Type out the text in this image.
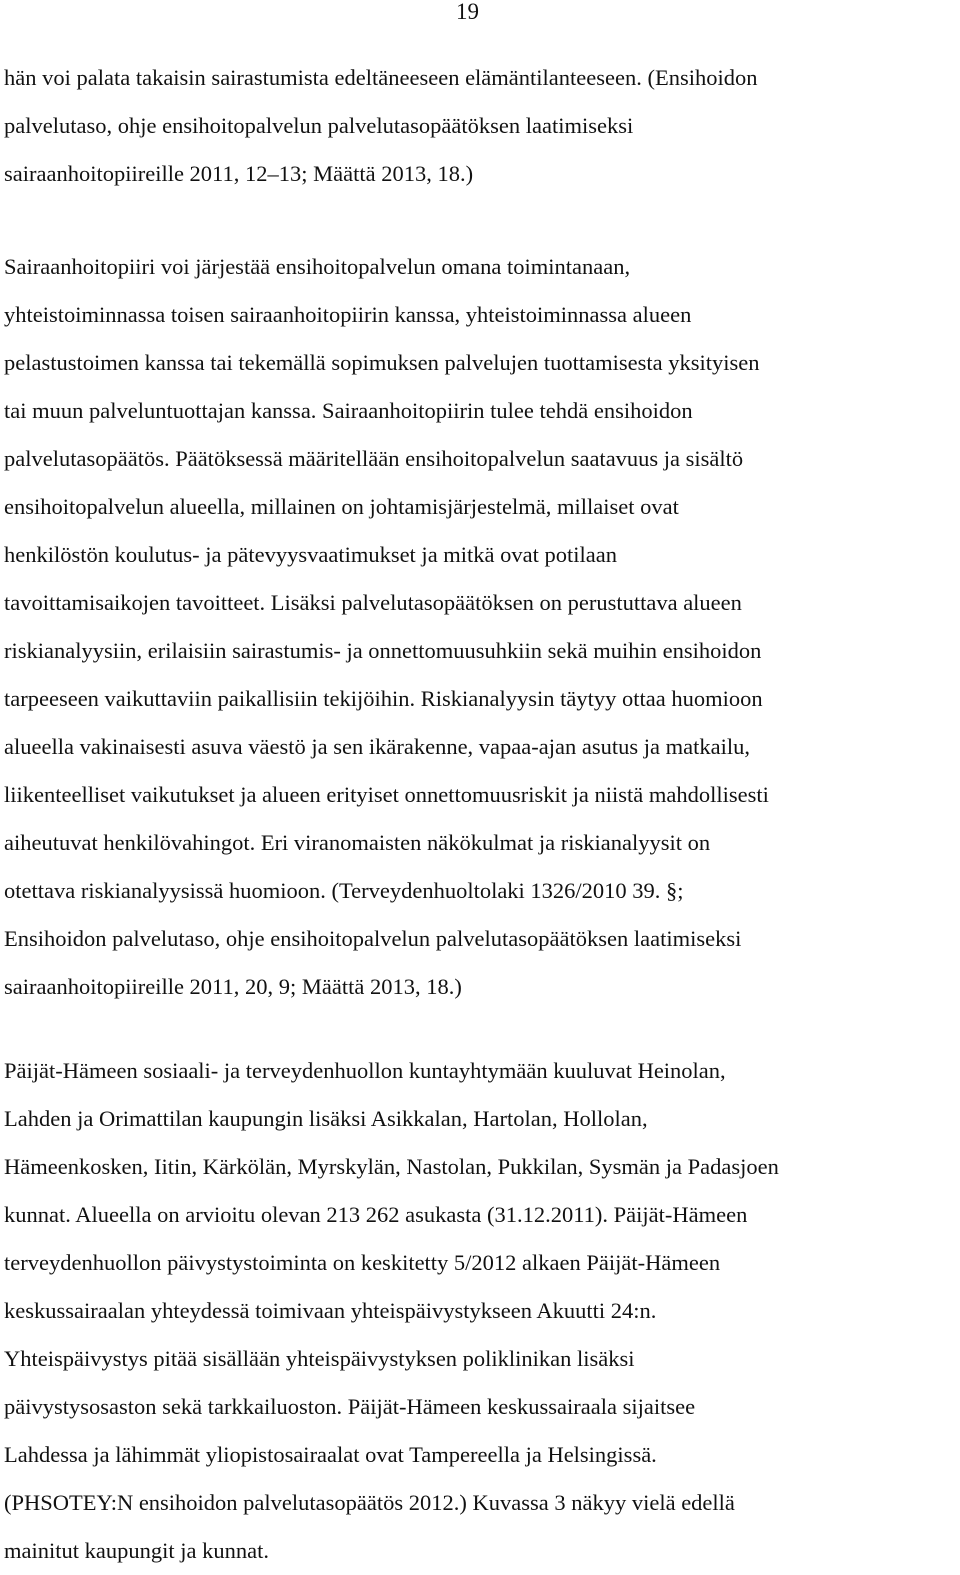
19
hän voi palata takaisin sairastumista edeltäneeseen elämäntilanteeseen. (Ensihoidon
palvelutaso, ohje ensihoitopalvelun palvelutasopäätöksen laatimiseksi
sairaanhoitopiireille 2011, 12–13; Määttä 2013, 18.)
Sairaanhoitopiiri voi järjestää ensihoitopalvelun omana toimintanaan,
yhteistoiminnassa toisen sairaanhoitopiirin kanssa, yhteistoiminnassa alueen
pelastustoimen kanssa tai tekemällä sopimuksen palvelujen tuottamisesta yksityisen
tai muun palveluntuottajan kanssa. Sairaanhoitopiirin tulee tehdä ensihoidon
palvelutasopäätös. Päätöksessä määritellään ensihoitopalvelun saatavuus ja sisältö
ensihoitopalvelun alueella, millainen on johtamisjärjestelmä, millaiset ovat
henkilöstön koulutus- ja pätevyysvaatimukset ja mitkä ovat potilaan
tavoittamisaikojen tavoitteet. Lisäksi palvelutasopäätöksen on perustuttava alueen
riskianalyysiin, erilaisiin sairastumis- ja onnettomuusuhkiin sekä muihin ensihoidon
tarpeeseen vaikuttaviin paikallisiin tekijöihin. Riskianalyysin täytyy ottaa huomioon
alueella vakinaisesti asuva väestö ja sen ikärakenne, vapaa-ajan asutus ja matkailu,
liikenteelliset vaikutukset ja alueen erityiset onnettomuusriskit ja niistä mahdollisesti
aiheutuvat henkilövahingot. Eri viranomaisten näkökulmat ja riskianalyysit on
otettava riskianalyysissä huomioon. (Terveydenhuoltolaki 1326/2010 39. §;
Ensihoidon palvelutaso, ohje ensihoitopalvelun palvelutasopäätöksen laatimiseksi
sairaanhoitopiireille 2011, 20, 9; Määttä 2013, 18.)
Päijät-Hämeen sosiaali- ja terveydenhuollon kuntayhtymään kuuluvat Heinolan,
Lahden ja Orimattilan kaupungin lisäksi Asikkalan, Hartolan, Hollolan,
Hämeenkosken, Iitin, Kärkölän, Myrskylän, Nastolan, Pukkilan, Sysmän ja Padasjoen
kunnat. Alueella on arvioitu olevan 213 262 asukasta (31.12.2011). Päijät-Hämeen
terveydenhuollon päivystystoiminta on keskitetty 5/2012 alkaen Päijät-Hämeen
keskussairaalan yhteydessä toimivaan yhteispäivystykseen Akuutti 24:n.
Yhteispäivystys pitää sisällään yhteispäivystyksen poliklinikan lisäksi
päivystysosaston sekä tarkkailuoston. Päijät-Hämeen keskussairaala sijaitsee
Lahdessa ja lähimmät yliopistosairaalat ovat Tampereella ja Helsingissä.
(PHSOTEY:N ensihoidon palvelutasopäätös 2012.) Kuvassa 3 näkyy vielä edellä
mainitut kaupungit ja kunnat.
